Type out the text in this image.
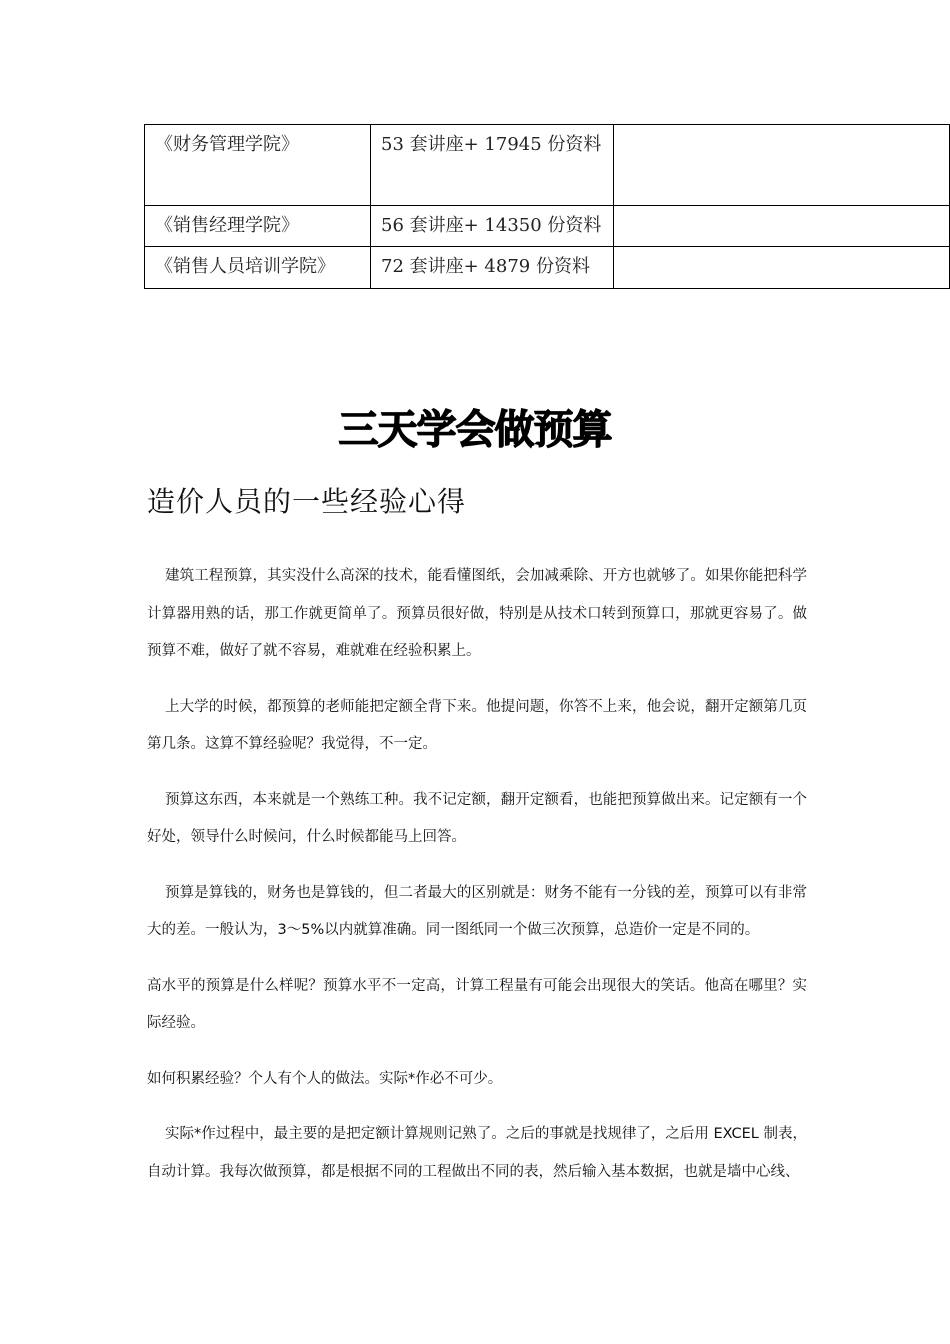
《财务管理学院》	53 套讲座+ 17945 份资料	
《销售经理学院》	56 套讲座+ 14350 份资料	
《销售人员培训学院》	72 套讲座+ 4879 份资料	
三天学会做预算
造价人员的一些经验心得

建筑工程预算，其实没什么高深的技术，能看懂图纸，会加减乘除、开方也就够了。如果你能把科学计算器用熟的话，那工作就更简单了。预算员很好做，特别是从技术口转到预算口，那就更容易了。做预算不难，做好了就不容易，难就难在经验积累上。

上大学的时候，都预算的老师能把定额全背下来。他提问题，你答不上来，他会说，翻开定额第几页第几条。这算不算经验呢？我觉得，不一定。

预算这东西，本来就是一个熟练工种。我不记定额，翻开定额看，也能把预算做出来。记定额有一个好处，领导什么时候问，什么时候都能马上回答。

预算是算钱的，财务也是算钱的，但二者最大的区别就是：财务不能有一分钱的差，预算可以有非常大的差。一般认为，3～5%以内就算准确。同一图纸同一个做三次预算，总造价一定是不同的。

高水平的预算是什么样呢？预算水平不一定高，计算工程量有可能会出现很大的笑话。他高在哪里？实际经验。

如何积累经验？个人有个人的做法。实际*作必不可少。

实际*作过程中，最主要的是把定额计算规则记熟了。之后的事就是找规律了，之后用 EXCEL 制表，自动计算。我每次做预算，都是根据不同的工程做出不同的表，然后输入基本数据，也就是墙中心线、
